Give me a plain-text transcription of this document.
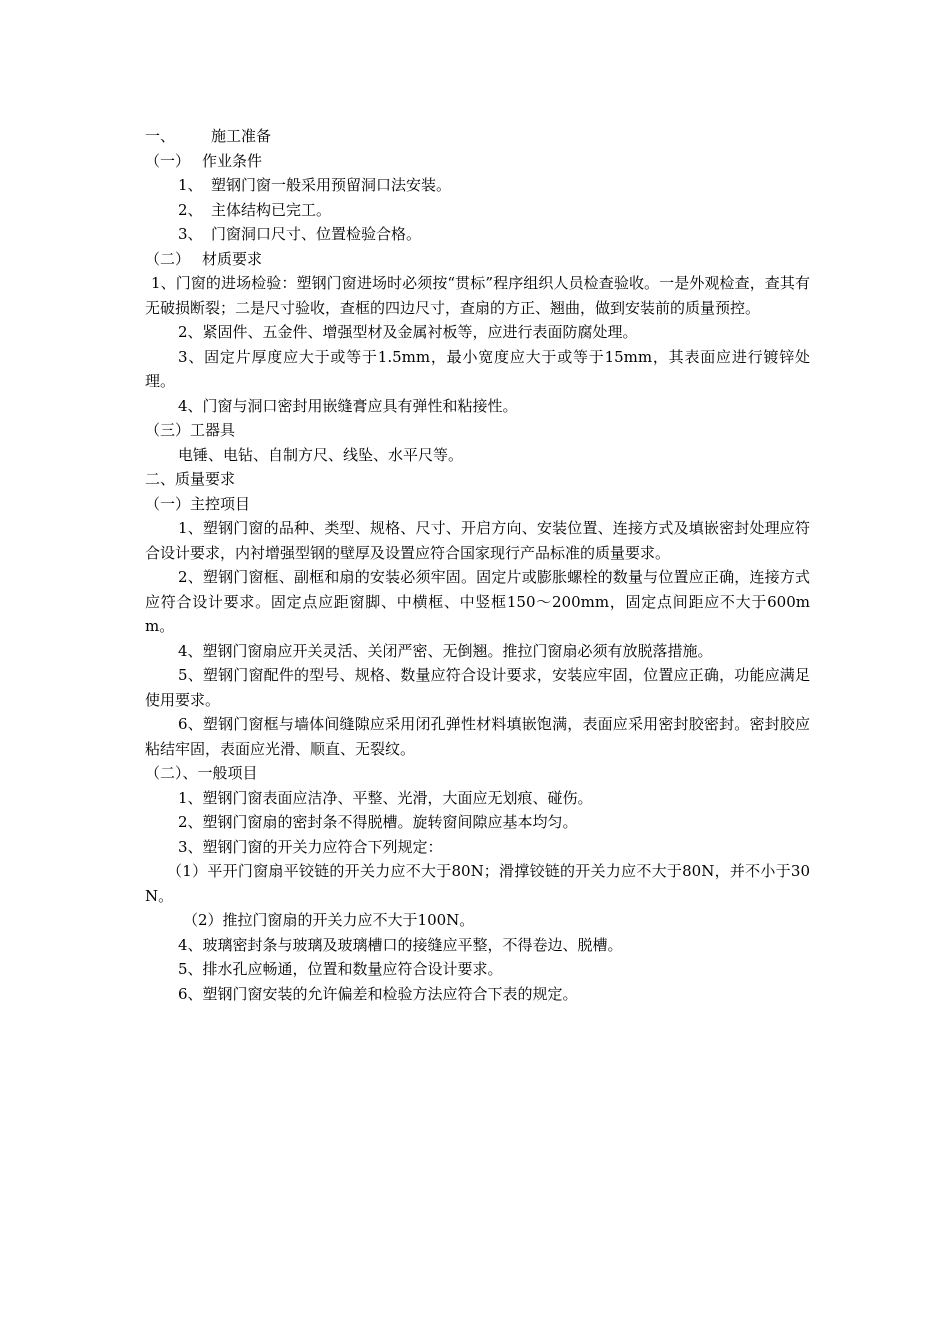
一、 施工准备

（一） 作业条件

1、 塑钢门窗一般采用预留洞口法安装。

2、 主体结构已完工。

3、 门窗洞口尺寸、位置检验合格。

（二） 材质要求

1、门窗的进场检验：塑钢门窗进场时必须按“贯标”程序组织人员检查验收。一是外观检查，查其有无破损断裂；二是尺寸验收，查框的四边尺寸，查扇的方正、翘曲，做到安装前的质量预控。

2、紧固件、五金件、增强型材及金属衬板等，应进行表面防腐处理。

3、固定片厚度应大于或等于1.5mm，最小宽度应大于或等于15mm，其表面应进行镀锌处理。

4、门窗与洞口密封用嵌缝膏应具有弹性和粘接性。

（三）工器具

电锤、电钻、自制方尺、线坠、水平尺等。

二、质量要求

（一）主控项目

1、塑钢门窗的品种、类型、规格、尺寸、开启方向、安装位置、连接方式及填嵌密封处理应符合设计要求，内衬增强型钢的壁厚及设置应符合国家现行产品标准的质量要求。

2、塑钢门窗框、副框和扇的安装必须牢固。固定片或膨胀螺栓的数量与位置应正确，连接方式应符合设计要求。固定点应距窗脚、中横框、中竖框150～200mm，固定点间距应不大于600mm。

4、塑钢门窗扇应开关灵活、关闭严密、无倒翘。推拉门窗扇必须有放脱落措施。

5、塑钢门窗配件的型号、规格、数量应符合设计要求，安装应牢固，位置应正确，功能应满足使用要求。

6、塑钢门窗框与墙体间缝隙应采用闭孔弹性材料填嵌饱满，表面应采用密封胶密封。密封胶应粘结牢固，表面应光滑、顺直、无裂纹。

（二）、一般项目

1、塑钢门窗表面应洁净、平整、光滑，大面应无划痕、碰伤。

2、塑钢门窗扇的密封条不得脱槽。旋转窗间隙应基本均匀。

3、塑钢门窗的开关力应符合下列规定：

（1）平开门窗扇平铰链的开关力应不大于80N；滑撑铰链的开关力应不大于80N，并不小于30N。

（2）推拉门窗扇的开关力应不大于100N。

4、玻璃密封条与玻璃及玻璃槽口的接缝应平整，不得卷边、脱槽。

5、排水孔应畅通，位置和数量应符合设计要求。

6、塑钢门窗安装的允许偏差和检验方法应符合下表的规定。
